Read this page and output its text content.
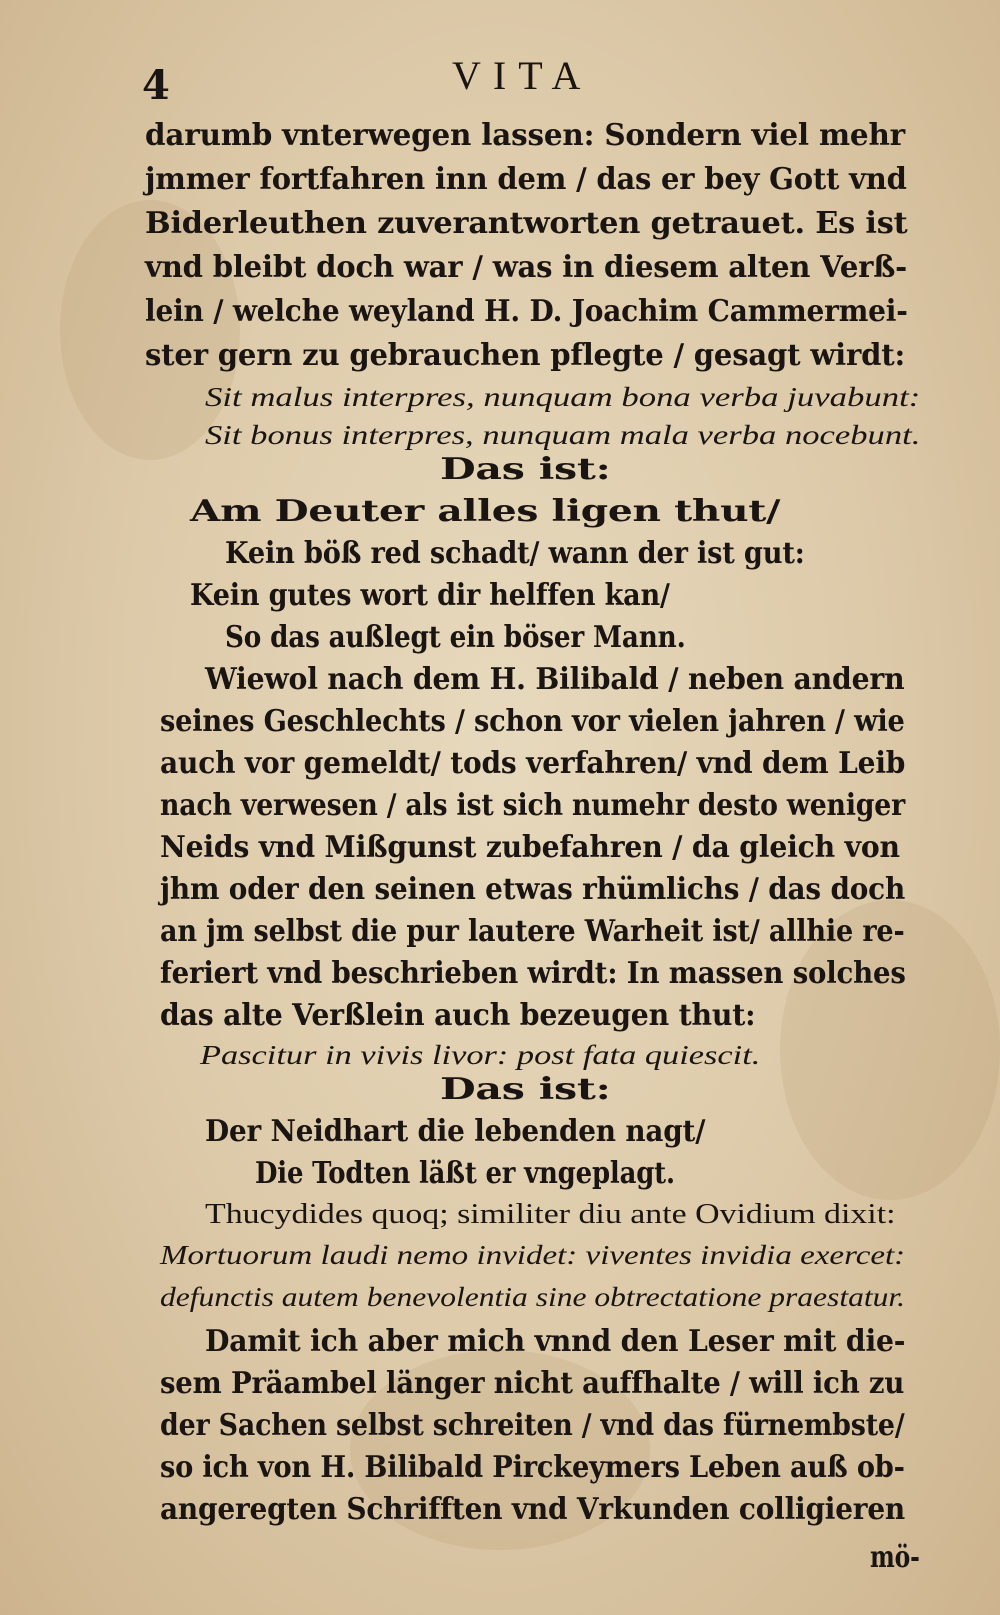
4	VITA
darumb vnterwegen lassen: Sondern viel mehr
jmmer fortfahren inn dem / das er bey Gott vnd
Biderleuthen zuverantworten getrauet. Es ist
vnd bleibt doch war / was in diesem alten Verß-
lein / welche weyland H. D. Joachim Cammermei-
ster gern zu gebrauchen pflegte / gesagt wirdt:
Sit malus interpres, nunquam bona verba juvabunt:
Sit bonus interpres, nunquam mala verba nocebunt.
Das ist:
Am Deuter alles ligen thut/
Kein böß red schadt/ wann der ist gut:
Kein gutes wort dir helffen kan/
So das außlegt ein böser Mann.
Wiewol nach dem H. Bilibald / neben andern
seines Geschlechts / schon vor vielen jahren / wie
auch vor gemeldt/ tods verfahren/ vnd dem Leib
nach verwesen / als ist sich numehr desto weniger
Neids vnd Mißgunst zubefahren / da gleich von
jhm oder den seinen etwas rhümlichs / das doch
an jm selbst die pur lautere Warheit ist/ allhie re-
feriert vnd beschrieben wirdt: In massen solches
das alte Verßlein auch bezeugen thut:
Pascitur in vivis livor: post fata quiescit.
Das ist:
Der Neidhart die lebenden nagt/
Die Todten läßt er vngeplagt.
Thucydides quoq; similiter diu ante Ovidium dixit:
Mortuorum laudi nemo invidet: viventes invidia exercet:
defunctis autem benevolentia sine obtrectatione praestatur.
Damit ich aber mich vnnd den Leser mit die-
sem Präambel länger nicht auffhalte / will ich zu
der Sachen selbst schreiten / vnd das fürnembste/
so ich von H. Bilibald Pirckeymers Leben auß ob-
angeregten Schrifften vnd Vrkunden colligieren
mö-
